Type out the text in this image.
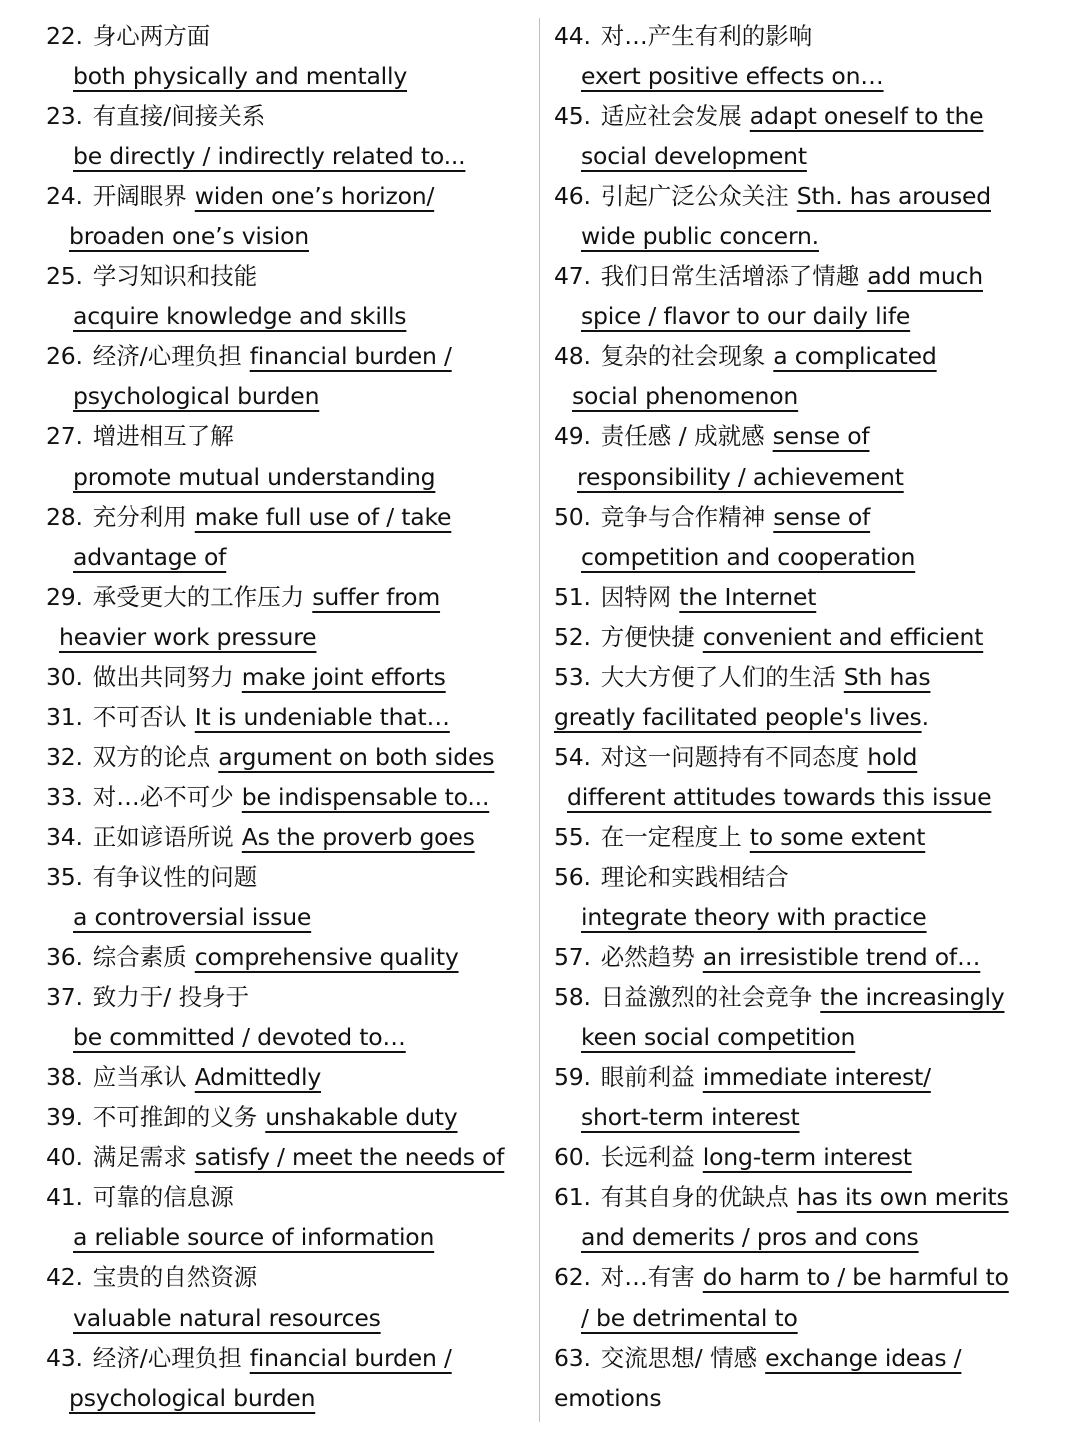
22. 身心两方面
both physically and mentally
23. 有直接/间接关系
be directly / indirectly related to...
24. 开阔眼界 widen one’s horizon/
broaden one’s vision
25. 学习知识和技能
acquire knowledge and skills
26. 经济/心理负担 financial burden /
psychological burden
27. 增进相互了解
promote mutual understanding
28. 充分利用 make full use of / take
advantage of
29. 承受更大的工作压力 suffer from
heavier work pressure
30. 做出共同努力 make joint efforts
31. 不可否认 It is undeniable that…
32. 双方的论点 argument on both sides
33. 对…必不可少 be indispensable to...
34. 正如谚语所说 As the proverb goes
35. 有争议性的问题
a controversial issue
36. 综合素质 comprehensive quality
37. 致力于/ 投身于
be committed / devoted to…
38. 应当承认 Admittedly
39. 不可推卸的义务 unshakable duty
40. 满足需求 satisfy / meet the needs of
41. 可靠的信息源
a reliable source of information
42. 宝贵的自然资源
valuable natural resources
43. 经济/心理负担 financial burden /
psychological burden
44. 对…产生有利的影响
exert positive effects on…
45. 适应社会发展 adapt oneself to the
social development
46. 引起广泛公众关注 Sth. has aroused
wide public concern.
47. 我们日常生活增添了情趣 add much
spice / flavor to our daily life
48. 复杂的社会现象 a complicated
social phenomenon
49. 责任感 / 成就感 sense of
responsibility / achievement
50. 竞争与合作精神 sense of
competition and cooperation
51. 因特网 the Internet
52. 方便快捷 convenient and efficient
53. 大大方便了人们的生活 Sth has
greatly facilitated people's lives.
54. 对这一问题持有不同态度 hold
different attitudes towards this issue
55. 在一定程度上 to some extent
56. 理论和实践相结合
integrate theory with practice
57. 必然趋势 an irresistible trend of…
58. 日益激烈的社会竞争 the increasingly
keen social competition
59. 眼前利益 immediate interest/
short-term interest
60. 长远利益 long-term interest
61. 有其自身的优缺点 has its own merits
and demerits / pros and cons
62. 对…有害 do harm to / be harmful to
/ be detrimental to
63. 交流思想/ 情感 exchange ideas /
emotions
